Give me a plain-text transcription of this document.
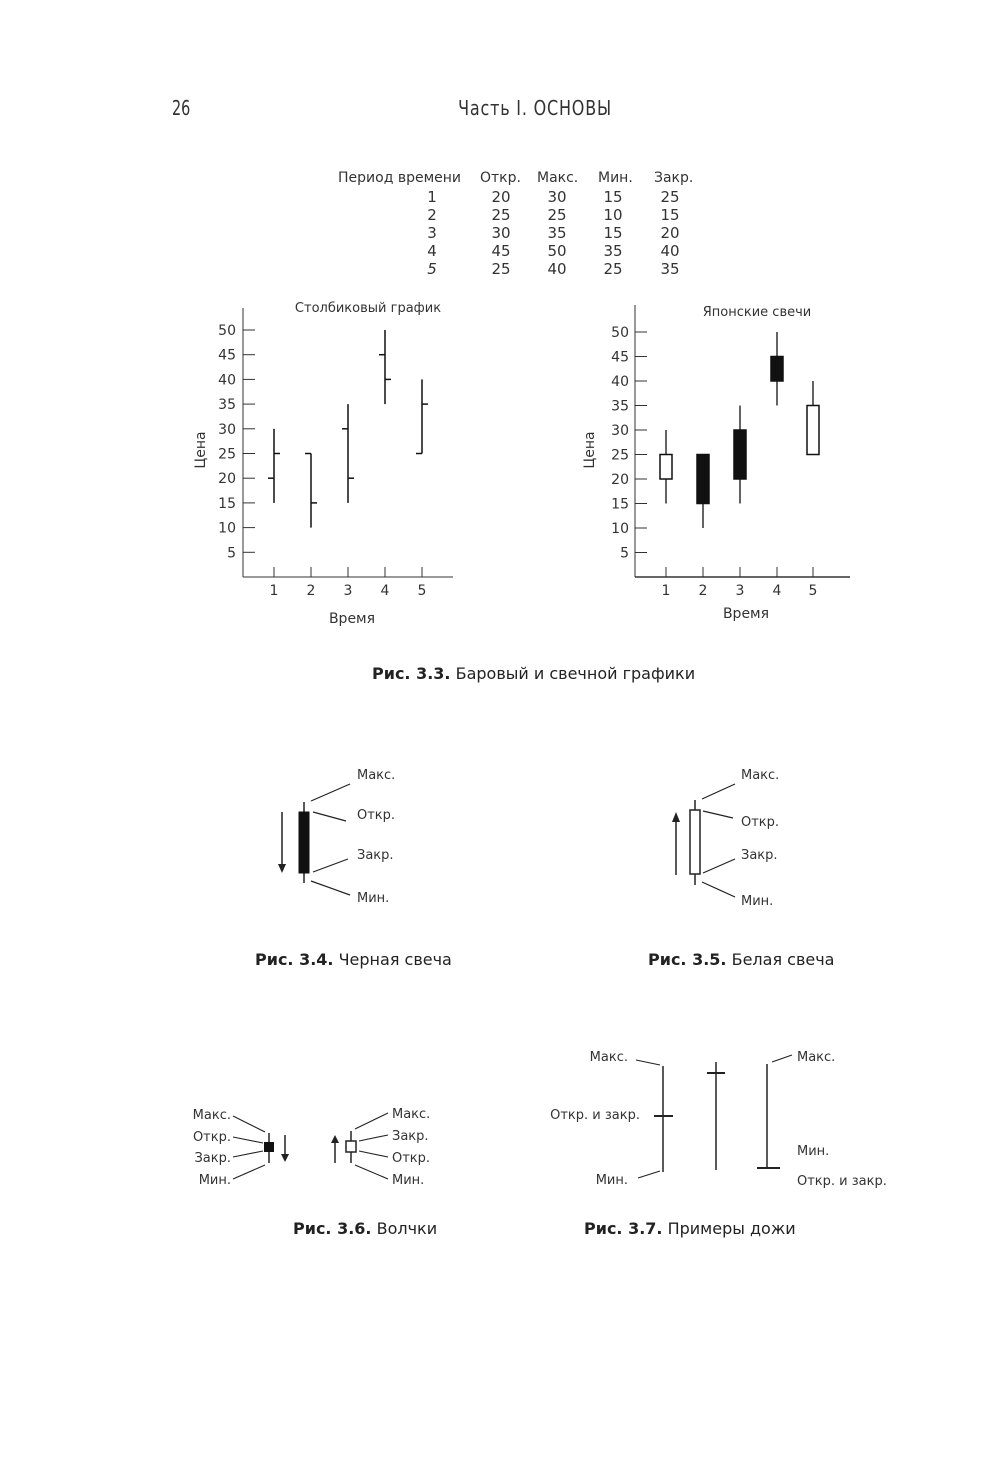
26	Часть I. ОСНОВЫ
Период времени Откр. Макс. Мин. Закр.
1	20 30 15	25
2	25 25 10	15
3	30 35 15	20
4	45 50 35	40
5	25 40 25	35
Столбиковый график
Время
Цена
5
10
15
20
25
30
35
40
45
50
1 2 3 4 5
Японские свечи
Время
Цена
5
10
15
20
25
30
35
40
45
50
1 2 3 4 5
Рис. 3.3. Баровый и свечной графики
Макс.
Откр.
Закр.
Мин.
Рис. 3.4. Черная свеча
Макс.
Откр.
Закр.
Мин.
Рис. 3.5. Белая свеча
Макс.
Откр.
Закр.
Мин.
Макс.
Закр.
Откр.
Мин.
Рис. 3.6. Волчки
Макс.
Откр. и закр.
Мин.
Макс.
Мин.
Откр. и закр.
Рис. 3.7. Примеры дожи
